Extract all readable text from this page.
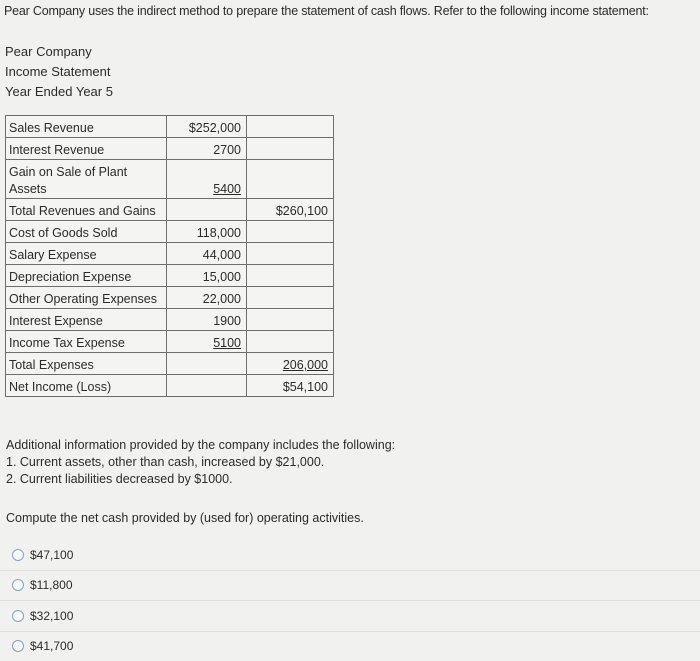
Pear Company uses the indirect method to prepare the statement of cash flows. Refer to the following income statement:
Pear Company
Income Statement
Year Ended Year 5
Sales Revenue	$252,000	
Interest Revenue	2700	
Gain on Sale of Plant Assets	5400	
Total Revenues and Gains		$260,100
Cost of Goods Sold	118,000	
Salary Expense	44,000	
Depreciation Expense	15,000	
Other Operating Expenses	22,000	
Interest Expense	1900	
Income Tax Expense	5100	
Total Expenses		206,000
Net Income (Loss)		$54,100
Additional information provided by the company includes the following:
1. Current assets, other than cash, increased by $21,000.
2. Current liabilities decreased by $1000.
Compute the net cash provided by (used for) operating activities.
$47,100
$11,800
$32,100
$41,700
